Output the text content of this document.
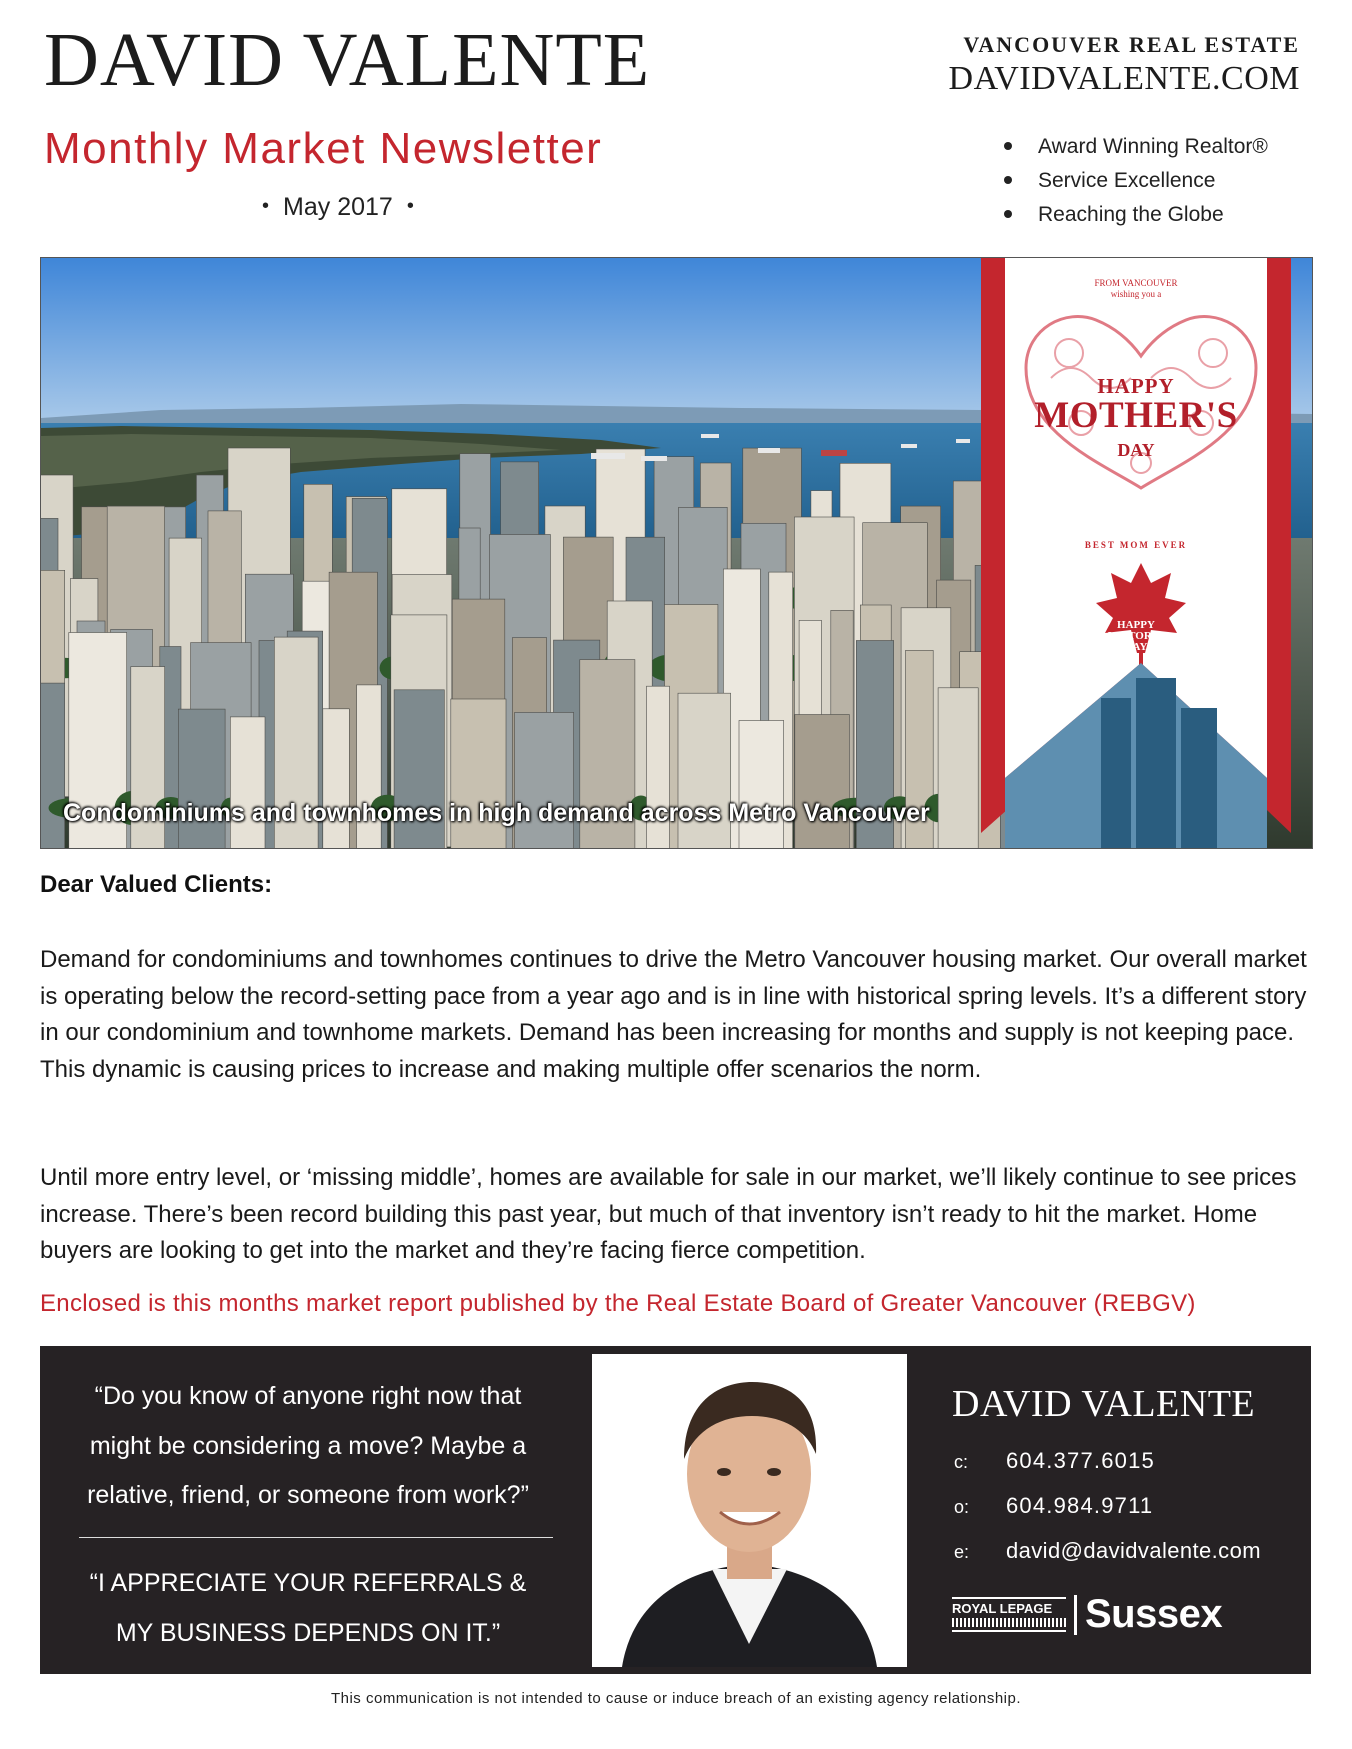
DAVID VALENTE
Monthly Market Newsletter
• May 2017 •
VANCOUVER REAL ESTATE
DAVIDVALENTE.COM
Award Winning Realtor®
Service Excellence
Reaching the Globe
FROM VANCOUVER
wishing you a
HAPPY
MOTHER'S
DAY
BEST MOM EVER
HAPPY
VICTORIA
DAY
Condominiums and townhomes in high demand across Metro Vancouver
Dear Valued Clients:

Demand for condominiums and townhomes continues to drive the Metro Vancouver housing market. Our overall market is operating below the record-setting pace from a year ago and is in line with historical spring levels. It’s a different story in our condominium and townhome markets. Demand has been increasing for months and supply is not keeping pace. This dynamic is causing prices to increase and making multiple offer scenarios the norm.

Until more entry level, or ‘missing middle’, homes are available for sale in our market, we’ll likely continue to see prices increase. There’s been record building this past year, but much of that inventory isn’t ready to hit the market. Home buyers are looking to get into the market and they’re facing fierce competition.

Enclosed is this months market report published by the Real Estate Board of Greater Vancouver (REBGV)
“Do you know of anyone right now that might be considering a move? Maybe a relative, friend, or someone from work?”
“I APPRECIATE YOUR REFERRALS & MY BUSINESS DEPENDS ON IT.”
DAVID VALENTE
c: 604.377.6015
o: 604.984.9711
e: david@davidvalente.com
ROYAL LEPAGE Sussex
This communication is not intended to cause or induce breach of an existing agency relationship.
